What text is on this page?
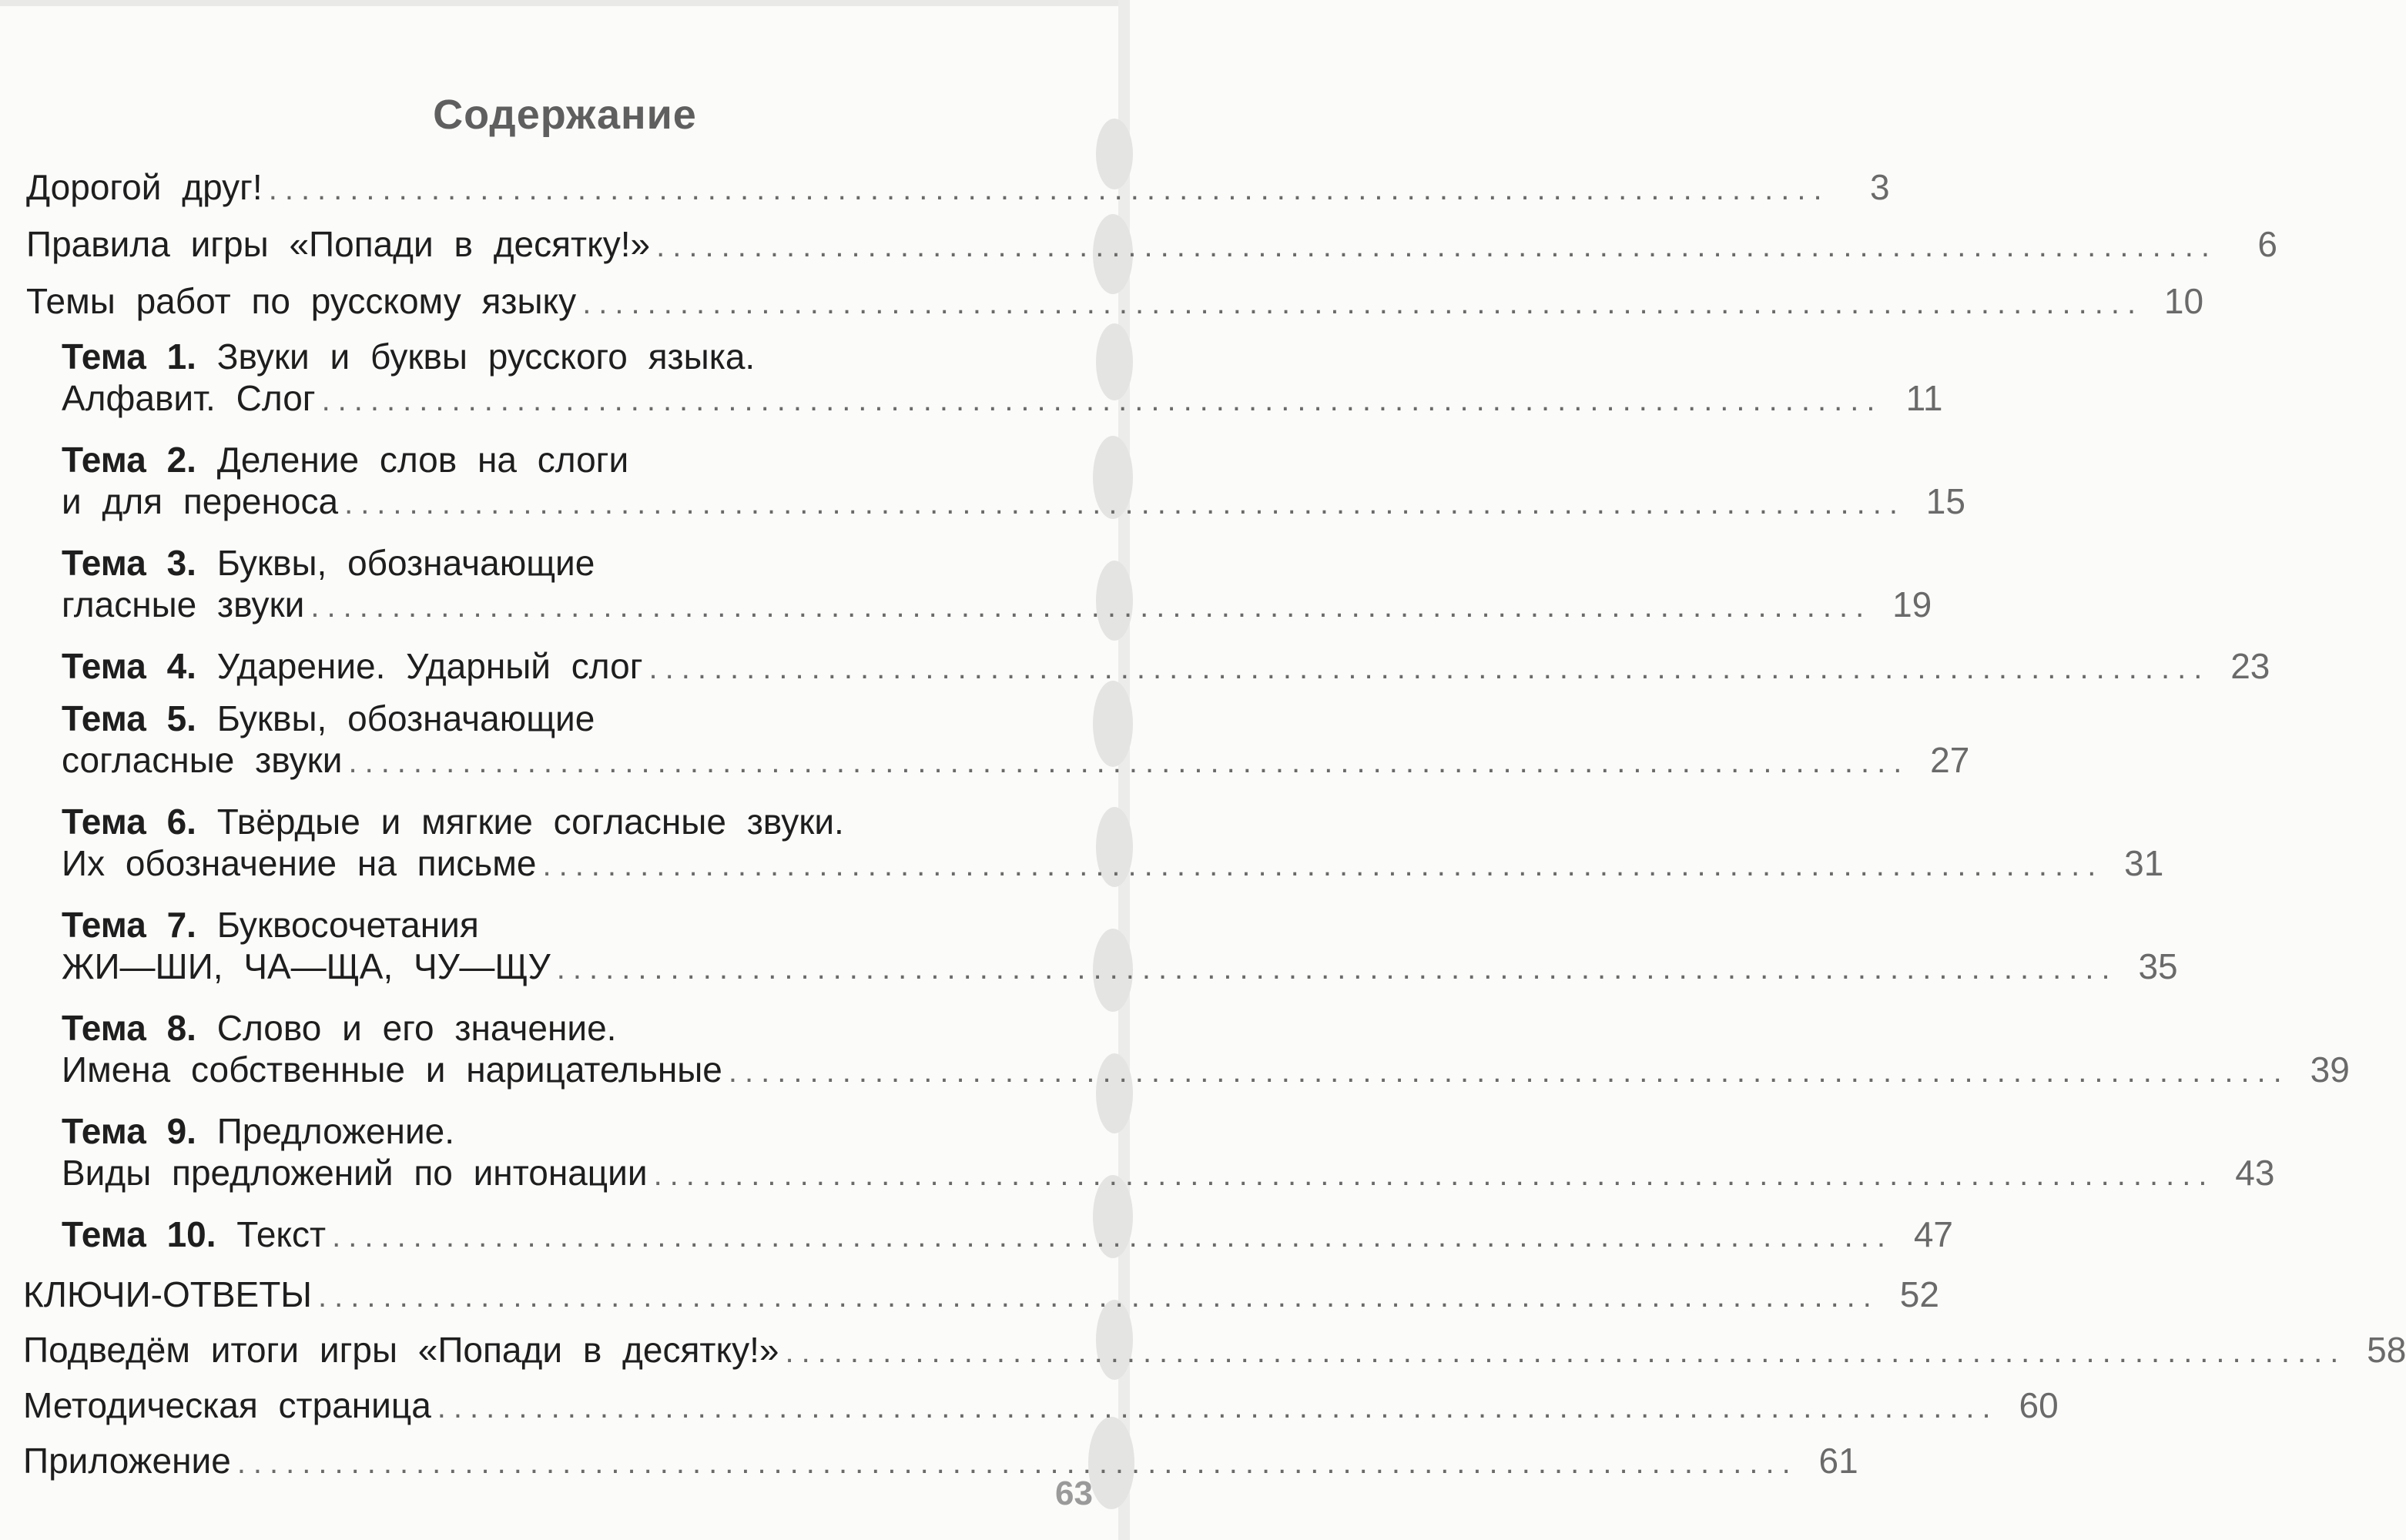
Содержание
Дорогой друг! ................................................................................................	3
Правила игры «Попади в десятку!» ................................................................................................	6
Темы работ по русскому языку ................................................................................................ 10
Тема 1. Звуки и буквы русского языка.
Алфавит. Слог ................................................................................................ 11
Тема 2. Деление слов на слоги
и для переноса ................................................................................................ 15
Тема 3. Буквы, обозначающие
гласные звуки ................................................................................................ 19
Тема 4. Ударение. Ударный слог ................................................................................................ 23
Тема 5. Буквы, обозначающие
согласные звуки ................................................................................................ 27
Тема 6. Твёрдые и мягкие согласные звуки.
Их обозначение на письме ................................................................................................ 31
Тема 7. Буквосочетания
ЖИ—ШИ, ЧА—ЩА, ЧУ—ЩУ ................................................................................................ 35
Тема 8. Слово и его значение.
Имена собственные и нарицательные ................................................................................................ 39
Тема 9. Предложение.
Виды предложений по интонации ................................................................................................ 43
Тема 10. Текст ................................................................................................ 47
КЛЮЧИ-ОТВЕТЫ ................................................................................................ 52
Подведём итоги игры «Попади в десятку!» ................................................................................................ 58
Методическая страница ................................................................................................ 60
Приложение ................................................................................................ 61
63
